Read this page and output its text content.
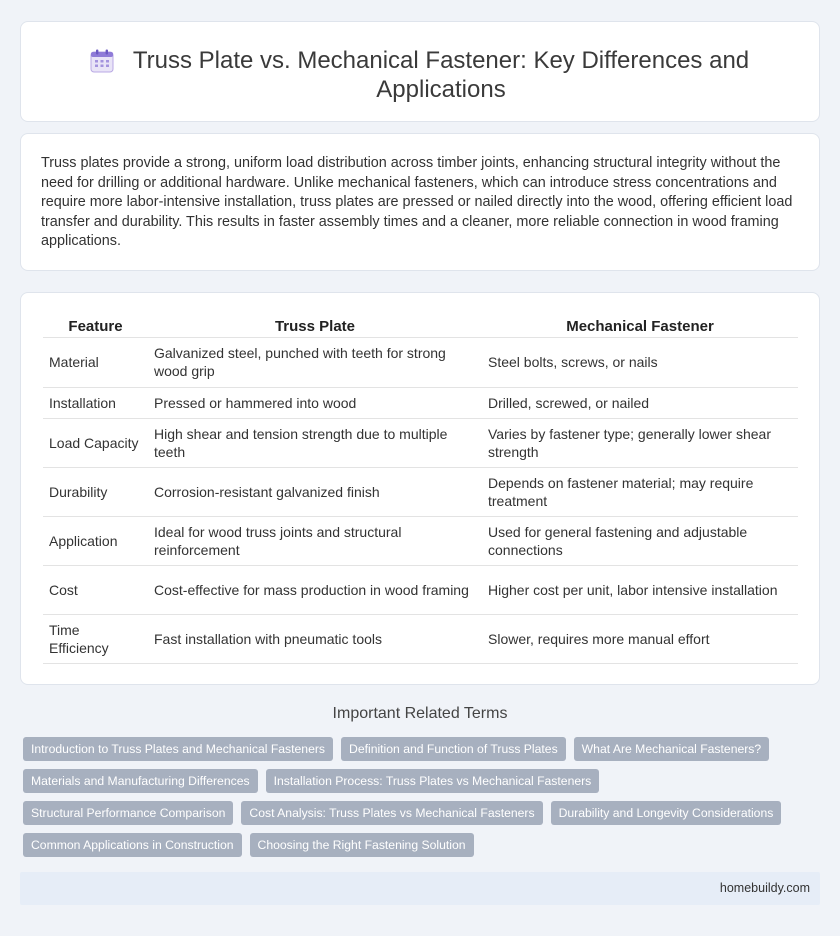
Truss Plate vs. Mechanical Fastener: Key Differences and Applications

Truss plates provide a strong, uniform load distribution across timber joints, enhancing structural integrity without the need for drilling or additional hardware. Unlike mechanical fasteners, which can introduce stress concentrations and require more labor-intensive installation, truss plates are pressed or nailed directly into the wood, offering efficient load transfer and durability. This results in faster assembly times and a cleaner, more reliable connection in wood framing applications.

Feature	Truss Plate	Mechanical Fastener
Material	Galvanized steel, punched with teeth for strong wood grip	Steel bolts, screws, or nails
Installation	Pressed or hammered into wood	Drilled, screwed, or nailed
Load Capacity	High shear and tension strength due to multiple teeth	Varies by fastener type; generally lower shear strength
Durability	Corrosion-resistant galvanized finish	Depends on fastener material; may require treatment
Application	Ideal for wood truss joints and structural reinforcement	Used for general fastening and adjustable connections
Cost	Cost-effective for mass production in wood framing	Higher cost per unit, labor intensive installation
Time Efficiency	Fast installation with pneumatic tools	Slower, requires more manual effort
Important Related Terms
Introduction to Truss Plates and Mechanical Fasteners	Definition and Function of Truss Plates	What Are Mechanical Fasteners?
Materials and Manufacturing Differences	Installation Process: Truss Plates vs Mechanical Fasteners
Structural Performance Comparison	Cost Analysis: Truss Plates vs Mechanical Fasteners	Durability and Longevity Considerations
Common Applications in Construction	Choosing the Right Fastening Solution
homebuildy.com
